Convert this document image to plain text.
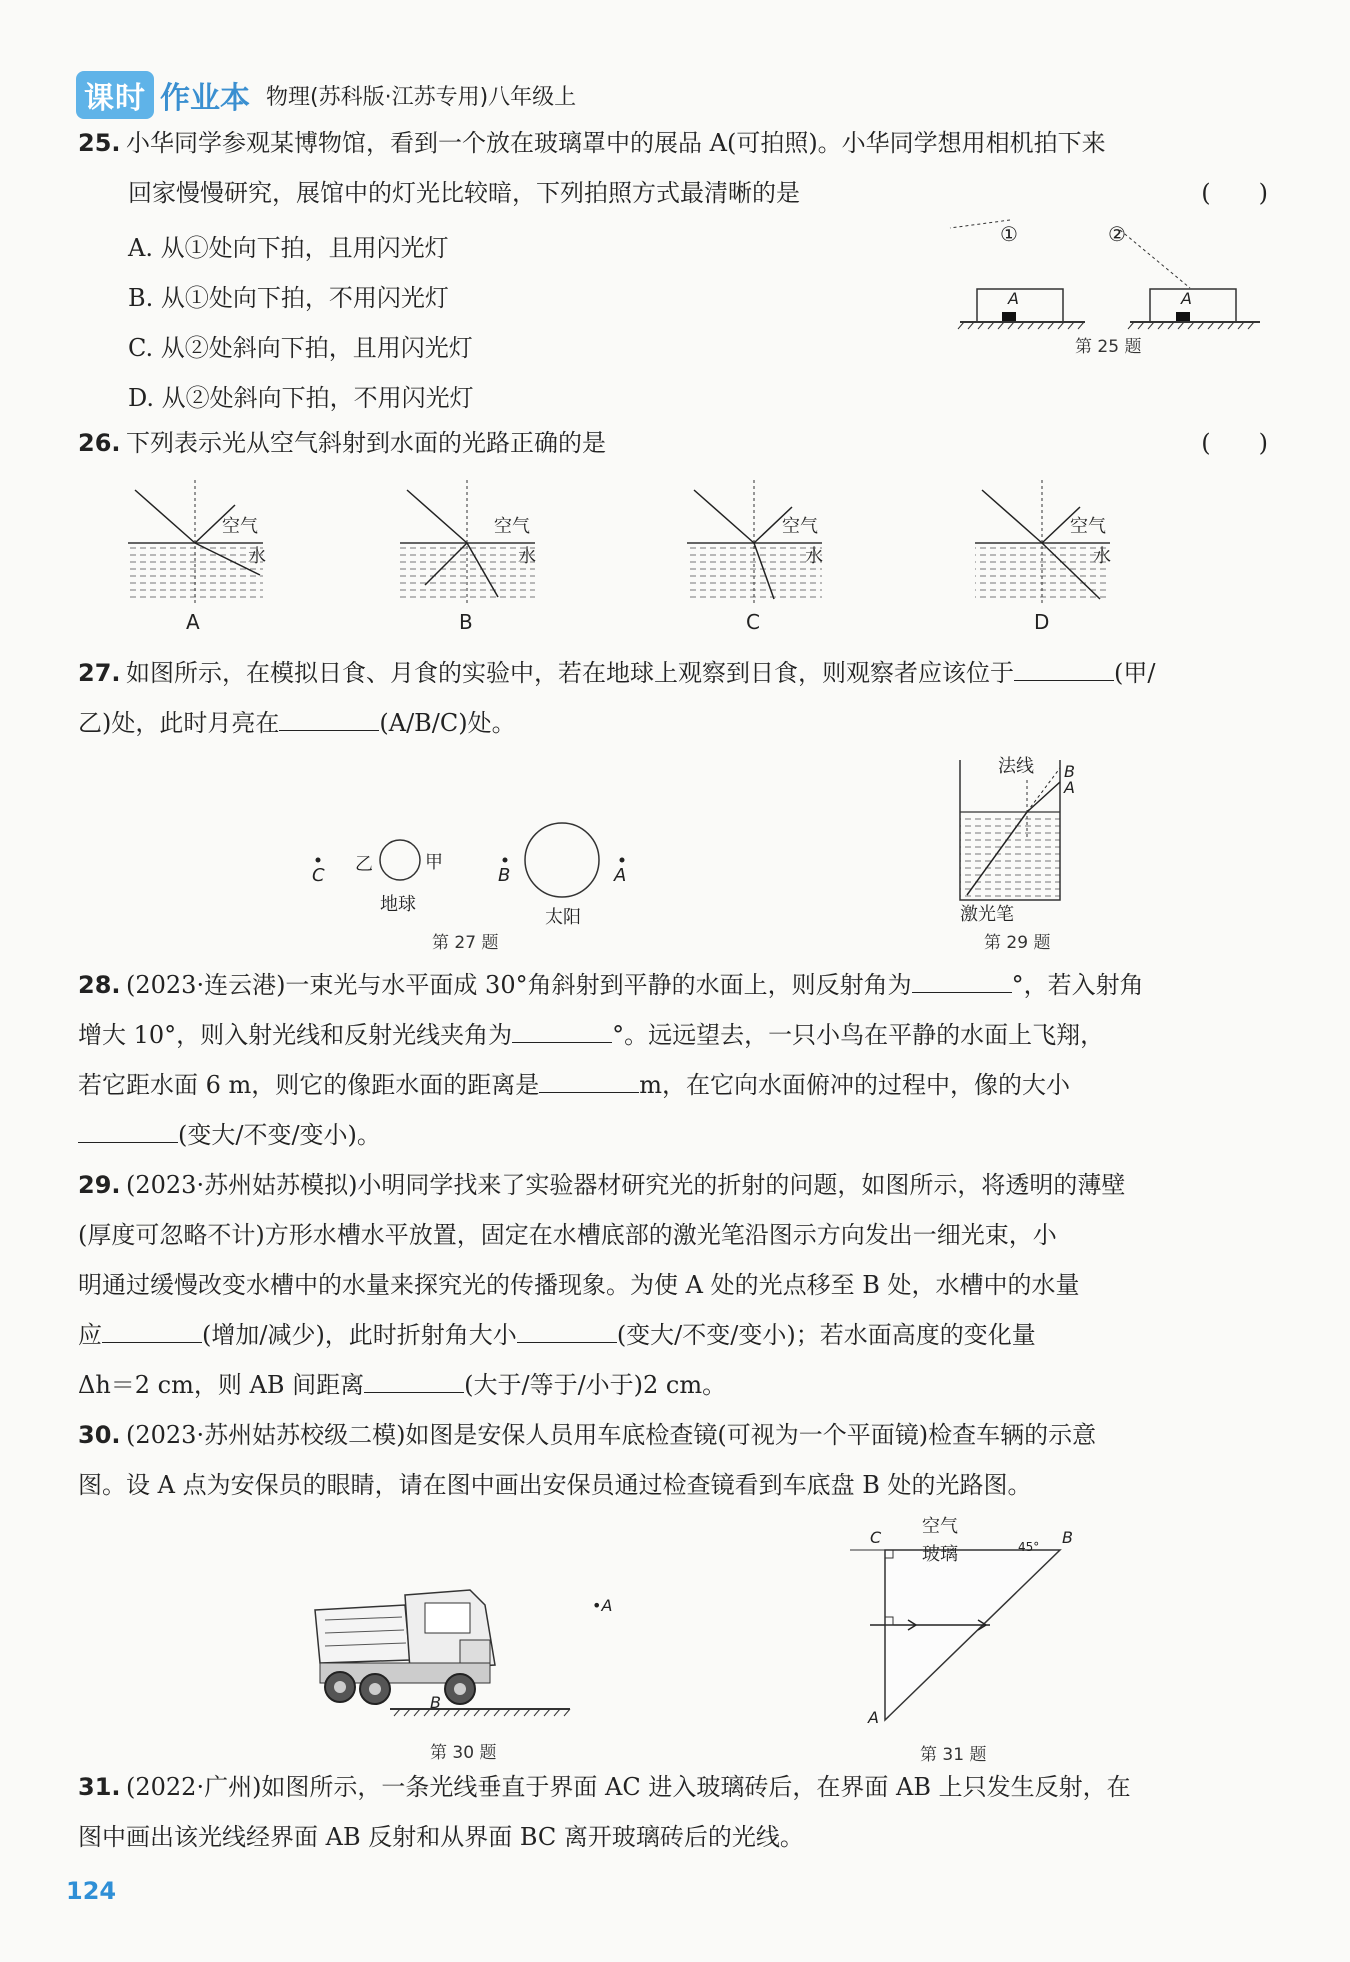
课时 作业本 物理(苏科版·江苏专用)八年级上
25. 小华同学参观某博物馆，看到一个放在玻璃罩中的展品 A(可拍照)。小华同学想用相机拍下来
回家慢慢研究，展馆中的灯光比较暗，下列拍照方式最清晰的是	(　　)
A. 从①处向下拍，且用闪光灯
B. 从①处向下拍，不用闪光灯
C. 从②处斜向下拍，且用闪光灯
D. 从②处斜向下拍，不用闪光灯
①	②
A	A
第 25 题
26. 下列表示光从空气斜射到水面的光路正确的是	(　　)
空气
水
空气
水
空气
水
空气
水
A	B	C	D
27. 如图所示，在模拟日食、月食的实验中，若在地球上观察到日食，则观察者应该位于	(甲/
乙)处，此时月亮在	(A/B/C)处。
C
乙	甲
地球
B
太阳
A
第 27 题
法线 B
A
激光笔
第 29 题
28. (2023·连云港)一束光与水平面成 30°角斜射到平静的水面上，则反射角为	°，若入射角
增大 10°，则入射光线和反射光线夹角为	°。远远望去，一只小鸟在平静的水面上飞翔，
若它距水面 6 m，则它的像距水面的距离是	m，在它向水面俯冲的过程中，像的大小
(变大/不变/变小)。
29. (2023·苏州姑苏模拟)小明同学找来了实验器材研究光的折射的问题，如图所示，将透明的薄壁
(厚度可忽略不计)方形水槽水平放置，固定在水槽底部的激光笔沿图示方向发出一细光束，小
明通过缓慢改变水槽中的水量来探究光的传播现象。为使 A 处的光点移至 B 处，水槽中的水量
应	(增加/减少)，此时折射角大小	(变大/不变/变小)；若水面高度的变化量
Δh＝2 cm，则 AB 间距离	(大于/等于/小于)2 cm。
30. (2023·苏州姑苏校级二模)如图是安保人员用车底检查镜(可视为一个平面镜)检查车辆的示意
图。设 A 点为安保员的眼睛，请在图中画出安保员通过检查镜看到车底盘 B 处的光路图。
B
•A
第 30 题
C
空气
玻璃	45° B
A
第 31 题
31. (2022·广州)如图所示，一条光线垂直于界面 AC 进入玻璃砖后，在界面 AB 上只发生反射，在
图中画出该光线经界面 AB 反射和从界面 BC 离开玻璃砖后的光线。
124
